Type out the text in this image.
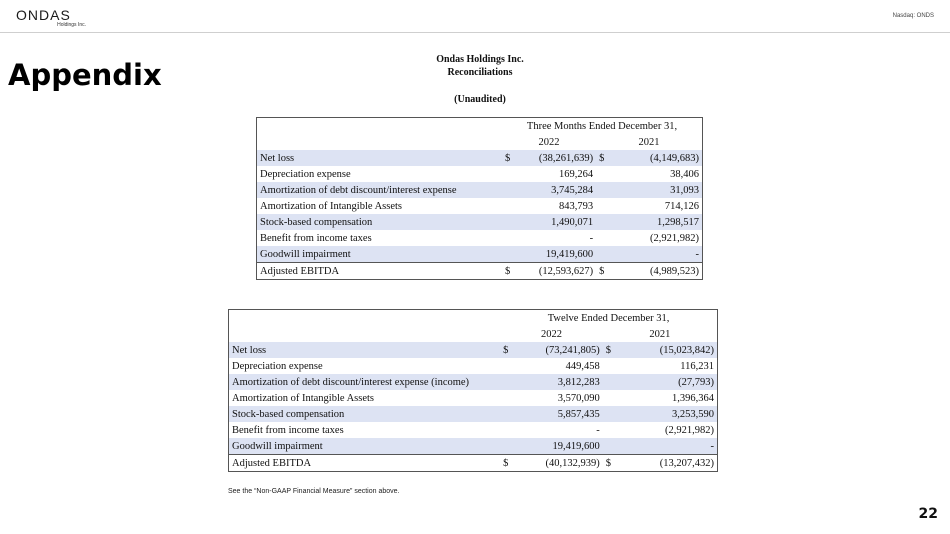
ONDAS
Holdings Inc.
Nasdaq: ONDS
Appendix	Ondas Holdings Inc.
Reconciliations
(Unaudited)
	Three Months Ended December 31,			
	2022		2021	
Net loss	$	(38,261,639)	$	(4,149,683)
Depreciation expense		169,264		38,406
Amortization of debt discount/interest expense		3,745,284		31,093
Amortization of Intangible Assets		843,793		714,126
Stock-based compensation		1,490,071		1,298,517
Benefit from income taxes		-		(2,921,982)
Goodwill impairment		19,419,600		-
Adjusted EBITDA	$	(12,593,627)	$	(4,989,523)
	Twelve Ended December 31,			
	2022		2021	
Net loss	$	(73,241,805)	$	(15,023,842)
Depreciation expense		449,458		116,231
Amortization of debt discount/interest expense (income)		3,812,283		(27,793)
Amortization of Intangible Assets		3,570,090		1,396,364
Stock-based compensation		5,857,435		3,253,590
Benefit from income taxes		-		(2,921,982)
Goodwill impairment		19,419,600		-
Adjusted EBITDA	$	(40,132,939)	$	(13,207,432)
See the “Non-GAAP Financial Measure” section above.
22
